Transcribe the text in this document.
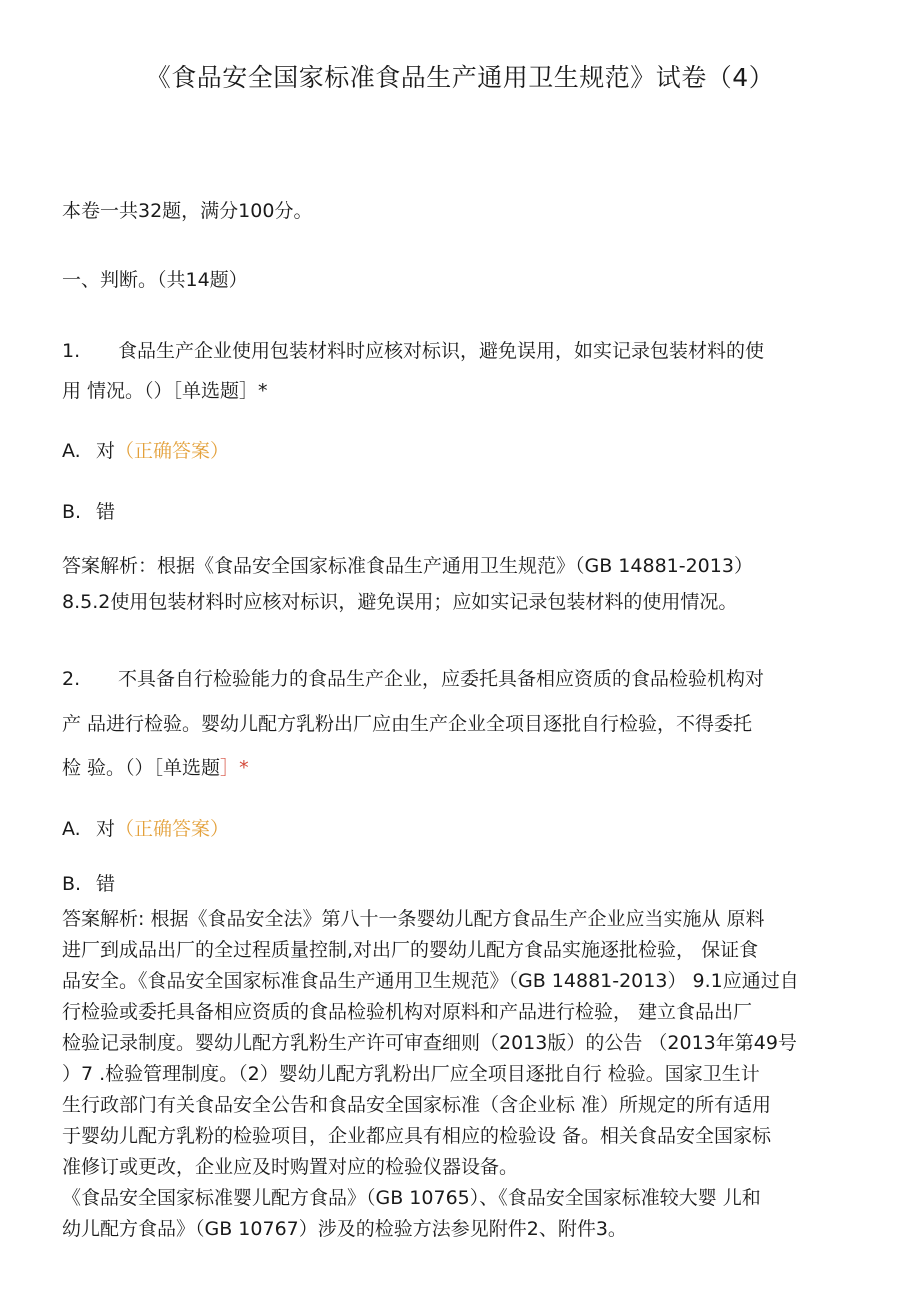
《食品安全国家标准食品生产通用卫生规范》试卷（4）
本卷一共32题，满分100分。
一、判断。（共14题）
1. 食品生产企业使用包装材料时应核对标识，避免误用，如实记录包装材料的使
用 情况。（）［单选题］*
A. 对（正确答案）
B. 错
答案解析：根据《食品安全国家标准食品生产通用卫生规范》（GB 14881-2013）
8.5.2使用包装材料时应核对标识，避免误用；应如实记录包装材料的使用情况。
2. 不具备自行检验能力的食品生产企业，应委托具备相应资质的食品检验机构对
产 品进行检验。婴幼儿配方乳粉出厂应由生产企业全项目逐批自行检验，不得委托
检 验。（）［单选题］*
A. 对（正确答案）
B. 错
答案解析: 根据《食品安全法》第八十一条婴幼儿配方食品生产企业应当实施从 原料
进厂到成品出厂的全过程质量控制,对出厂的婴幼儿配方食品实施逐批检验， 保证食
品安全。《食品安全国家标准食品生产通用卫生规范》（GB 14881-2013） 9.1应通过自
行检验或委托具备相应资质的食品检验机构对原料和产品进行检验， 建立食品出厂
检验记录制度。婴幼儿配方乳粉生产许可审查细则（2013版）的公告 （2013年第49号
）7 .检验管理制度。（2）婴幼儿配方乳粉出厂应全项目逐批自行 检验。国家卫生计
生行政部门有关食品安全公告和食品安全国家标准（含企业标 准）所规定的所有适用
于婴幼儿配方乳粉的检验项目，企业都应具有相应的检验设 备。相关食品安全国家标
准修订或更改，企业应及时购置对应的检验仪器设备。
《食品安全国家标准婴儿配方食品》（GB 10765）、《食品安全国家标准较大婴 儿和
幼儿配方食品》（GB 10767）涉及的检验方法参见附件2、附件3。
